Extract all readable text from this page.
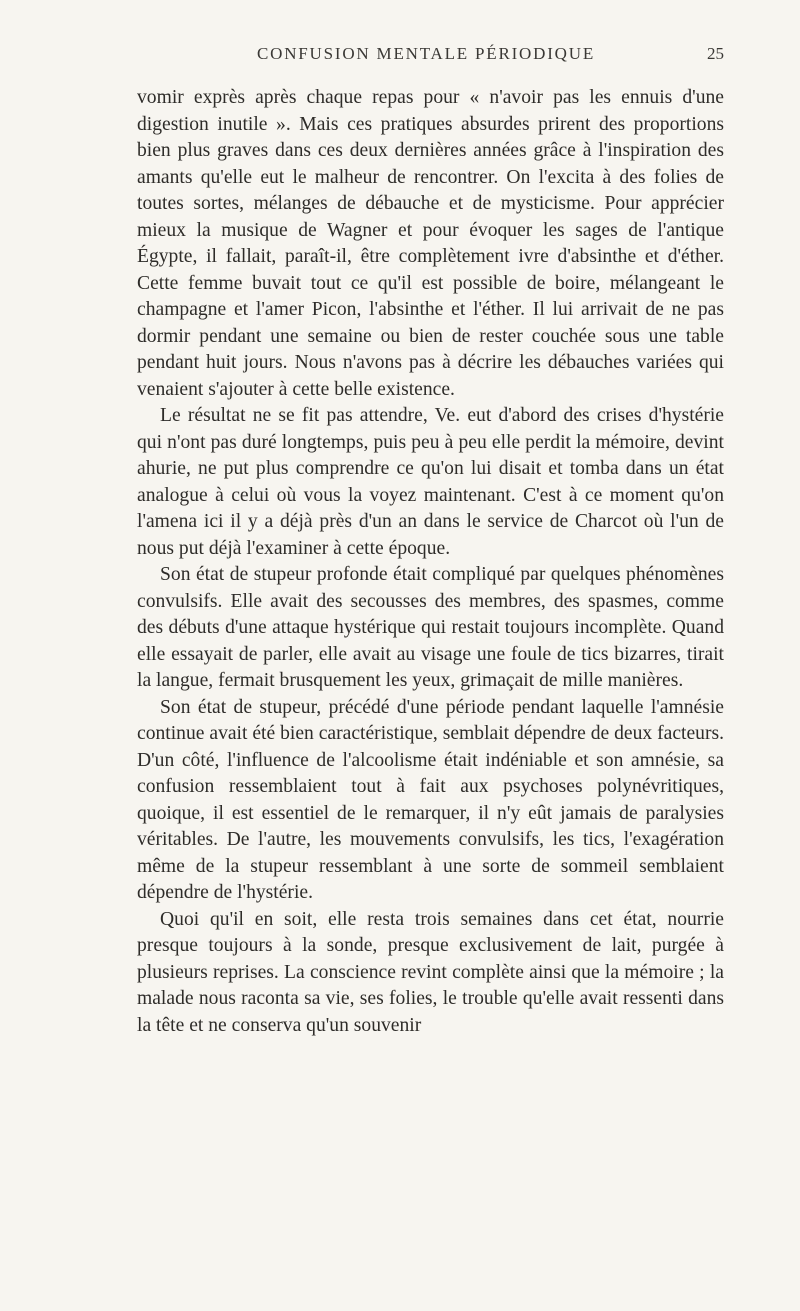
CONFUSION MENTALE PÉRIODIQUE	25

vomir exprès après chaque repas pour « n'avoir pas les ennuis d'une digestion inutile ». Mais ces pratiques absurdes prirent des proportions bien plus graves dans ces deux dernières années grâce à l'inspiration des amants qu'elle eut le malheur de rencontrer. On l'excita à des folies de toutes sortes, mélanges de débauche et de mysticisme. Pour apprécier mieux la musique de Wagner et pour évoquer les sages de l'antique Égypte, il fallait, paraît-il, être complètement ivre d'absinthe et d'éther. Cette femme buvait tout ce qu'il est possible de boire, mélangeant le champagne et l'amer Picon, l'absinthe et l'éther. Il lui arrivait de ne pas dormir pendant une semaine ou bien de rester couchée sous une table pendant huit jours. Nous n'avons pas à décrire les débauches variées qui venaient s'ajouter à cette belle existence.

Le résultat ne se fit pas attendre, Ve. eut d'abord des crises d'hystérie qui n'ont pas duré longtemps, puis peu à peu elle perdit la mémoire, devint ahurie, ne put plus comprendre ce qu'on lui disait et tomba dans un état analogue à celui où vous la voyez maintenant. C'est à ce moment qu'on l'amena ici il y a déjà près d'un an dans le service de Charcot où l'un de nous put déjà l'examiner à cette époque.

Son état de stupeur profonde était compliqué par quelques phénomènes convulsifs. Elle avait des secousses des membres, des spasmes, comme des débuts d'une attaque hystérique qui restait toujours incomplète. Quand elle essayait de parler, elle avait au visage une foule de tics bizarres, tirait la langue, fermait brusquement les yeux, grimaçait de mille manières.

Son état de stupeur, précédé d'une période pendant laquelle l'amnésie continue avait été bien caractéristique, semblait dépendre de deux facteurs. D'un côté, l'influence de l'alcoolisme était indéniable et son amnésie, sa confusion ressemblaient tout à fait aux psychoses polynévritiques, quoique, il est essentiel de le remarquer, il n'y eût jamais de paralysies véritables. De l'autre, les mouvements convulsifs, les tics, l'exagération même de la stupeur ressemblant à une sorte de sommeil semblaient dépendre de l'hystérie.

Quoi qu'il en soit, elle resta trois semaines dans cet état, nourrie presque toujours à la sonde, presque exclusivement de lait, purgée à plusieurs reprises. La conscience revint complète ainsi que la mémoire ; la malade nous raconta sa vie, ses folies, le trouble qu'elle avait ressenti dans la tête et ne conserva qu'un souvenir
